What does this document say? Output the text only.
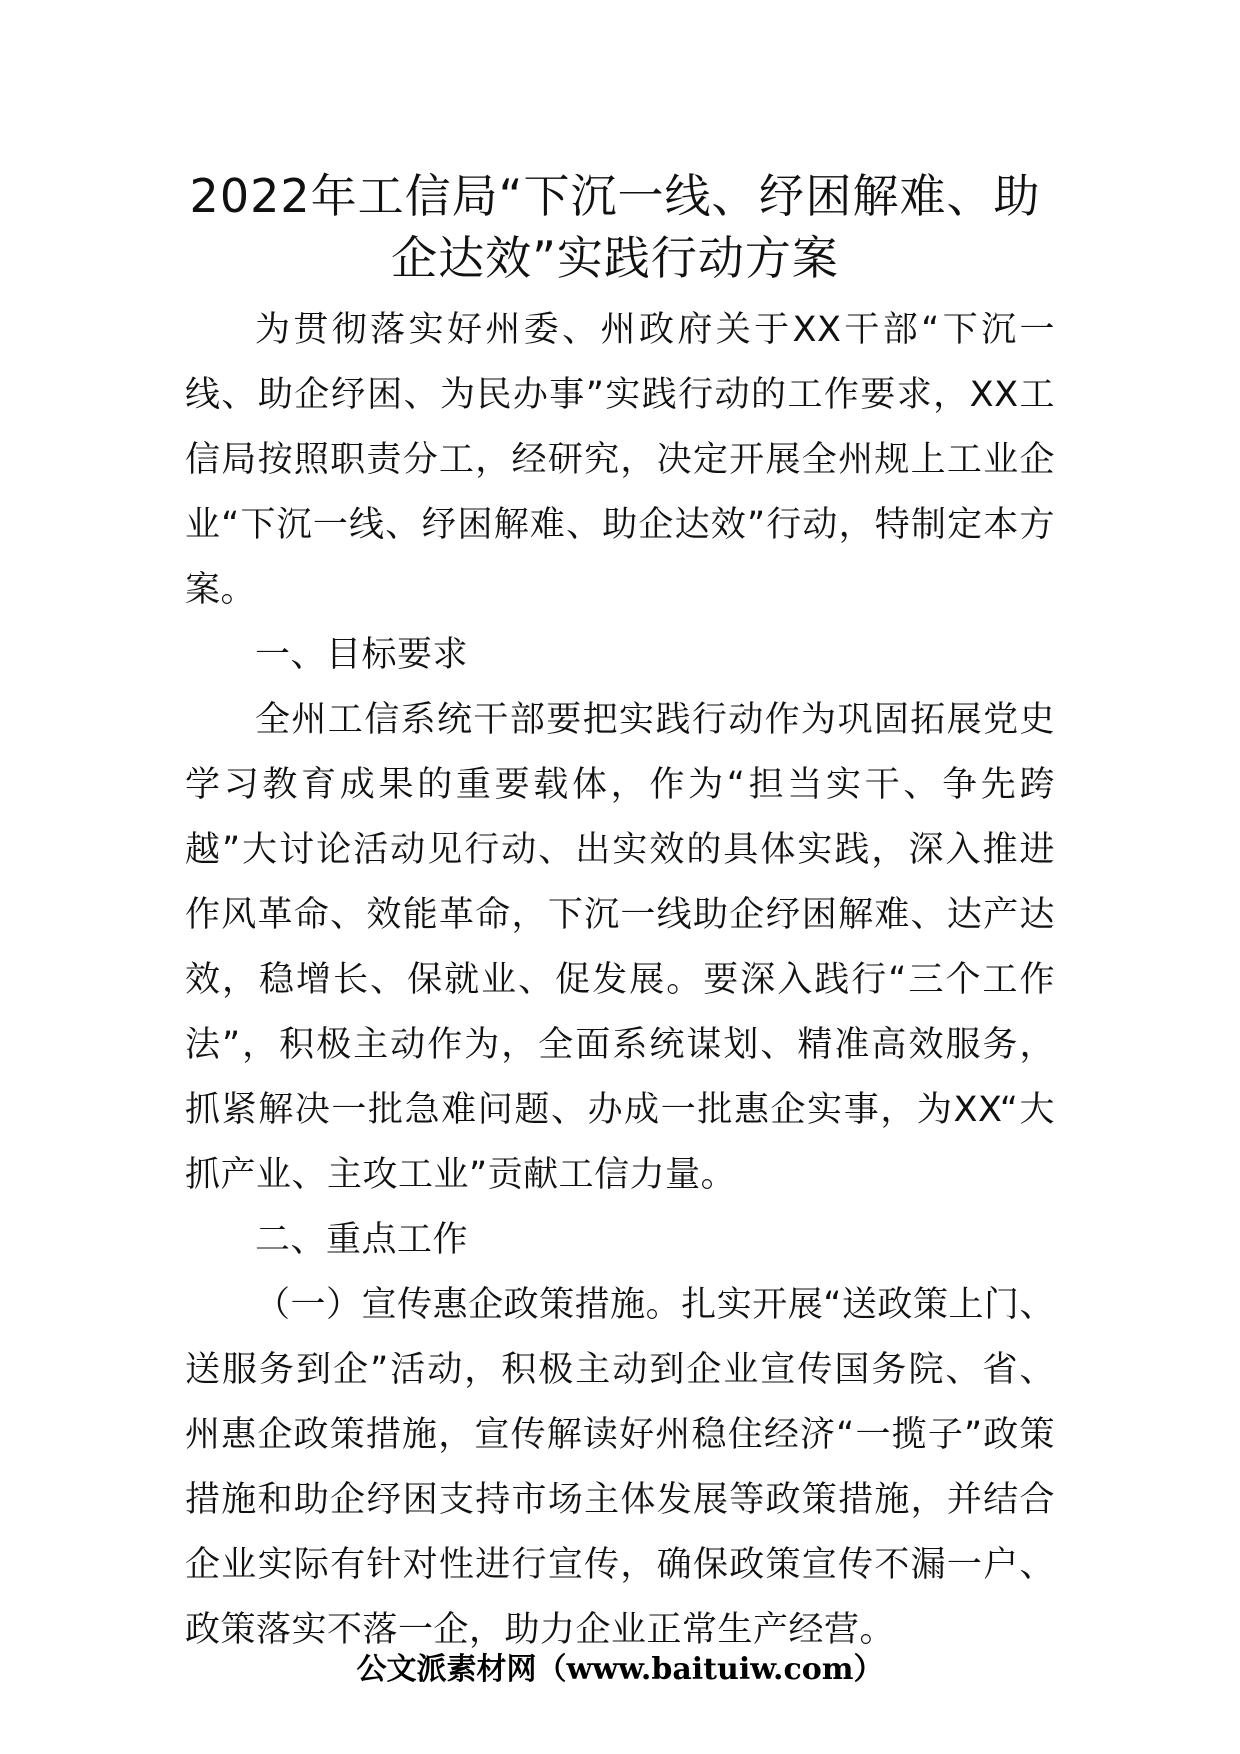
2022年工信局“下沉一线、纾困解难、助企达效”实践行动方案

为贯彻落实好州委、州政府关于XX干部“下沉一线、助企纾困、为民办事”实践行动的工作要求，XX工信局按照职责分工，经研究，决定开展全州规上工业企业“下沉一线、纾困解难、助企达效”行动，特制定本方案。

一、目标要求

全州工信系统干部要把实践行动作为巩固拓展党史学习教育成果的重要载体，作为“担当实干、争先跨越”大讨论活动见行动、出实效的具体实践，深入推进作风革命、效能革命，下沉一线助企纾困解难、达产达效，稳增长、保就业、促发展。要深入践行“三个工作法”，积极主动作为，全面系统谋划、精准高效服务，抓紧解决一批急难问题、办成一批惠企实事，为XX“大抓产业、主攻工业”贡献工信力量。

二、重点工作

（一）宣传惠企政策措施。扎实开展“送政策上门、送服务到企”活动，积极主动到企业宣传国务院、省、州惠企政策措施，宣传解读好州稳住经济“一揽子”政策措施和助企纾困支持市场主体发展等政策措施，并结合企业实际有针对性进行宣传，确保政策宣传不漏一户、政策落实不落一企，助力企业正常生产经营。

公文派素材网（www.baituiw.com）
